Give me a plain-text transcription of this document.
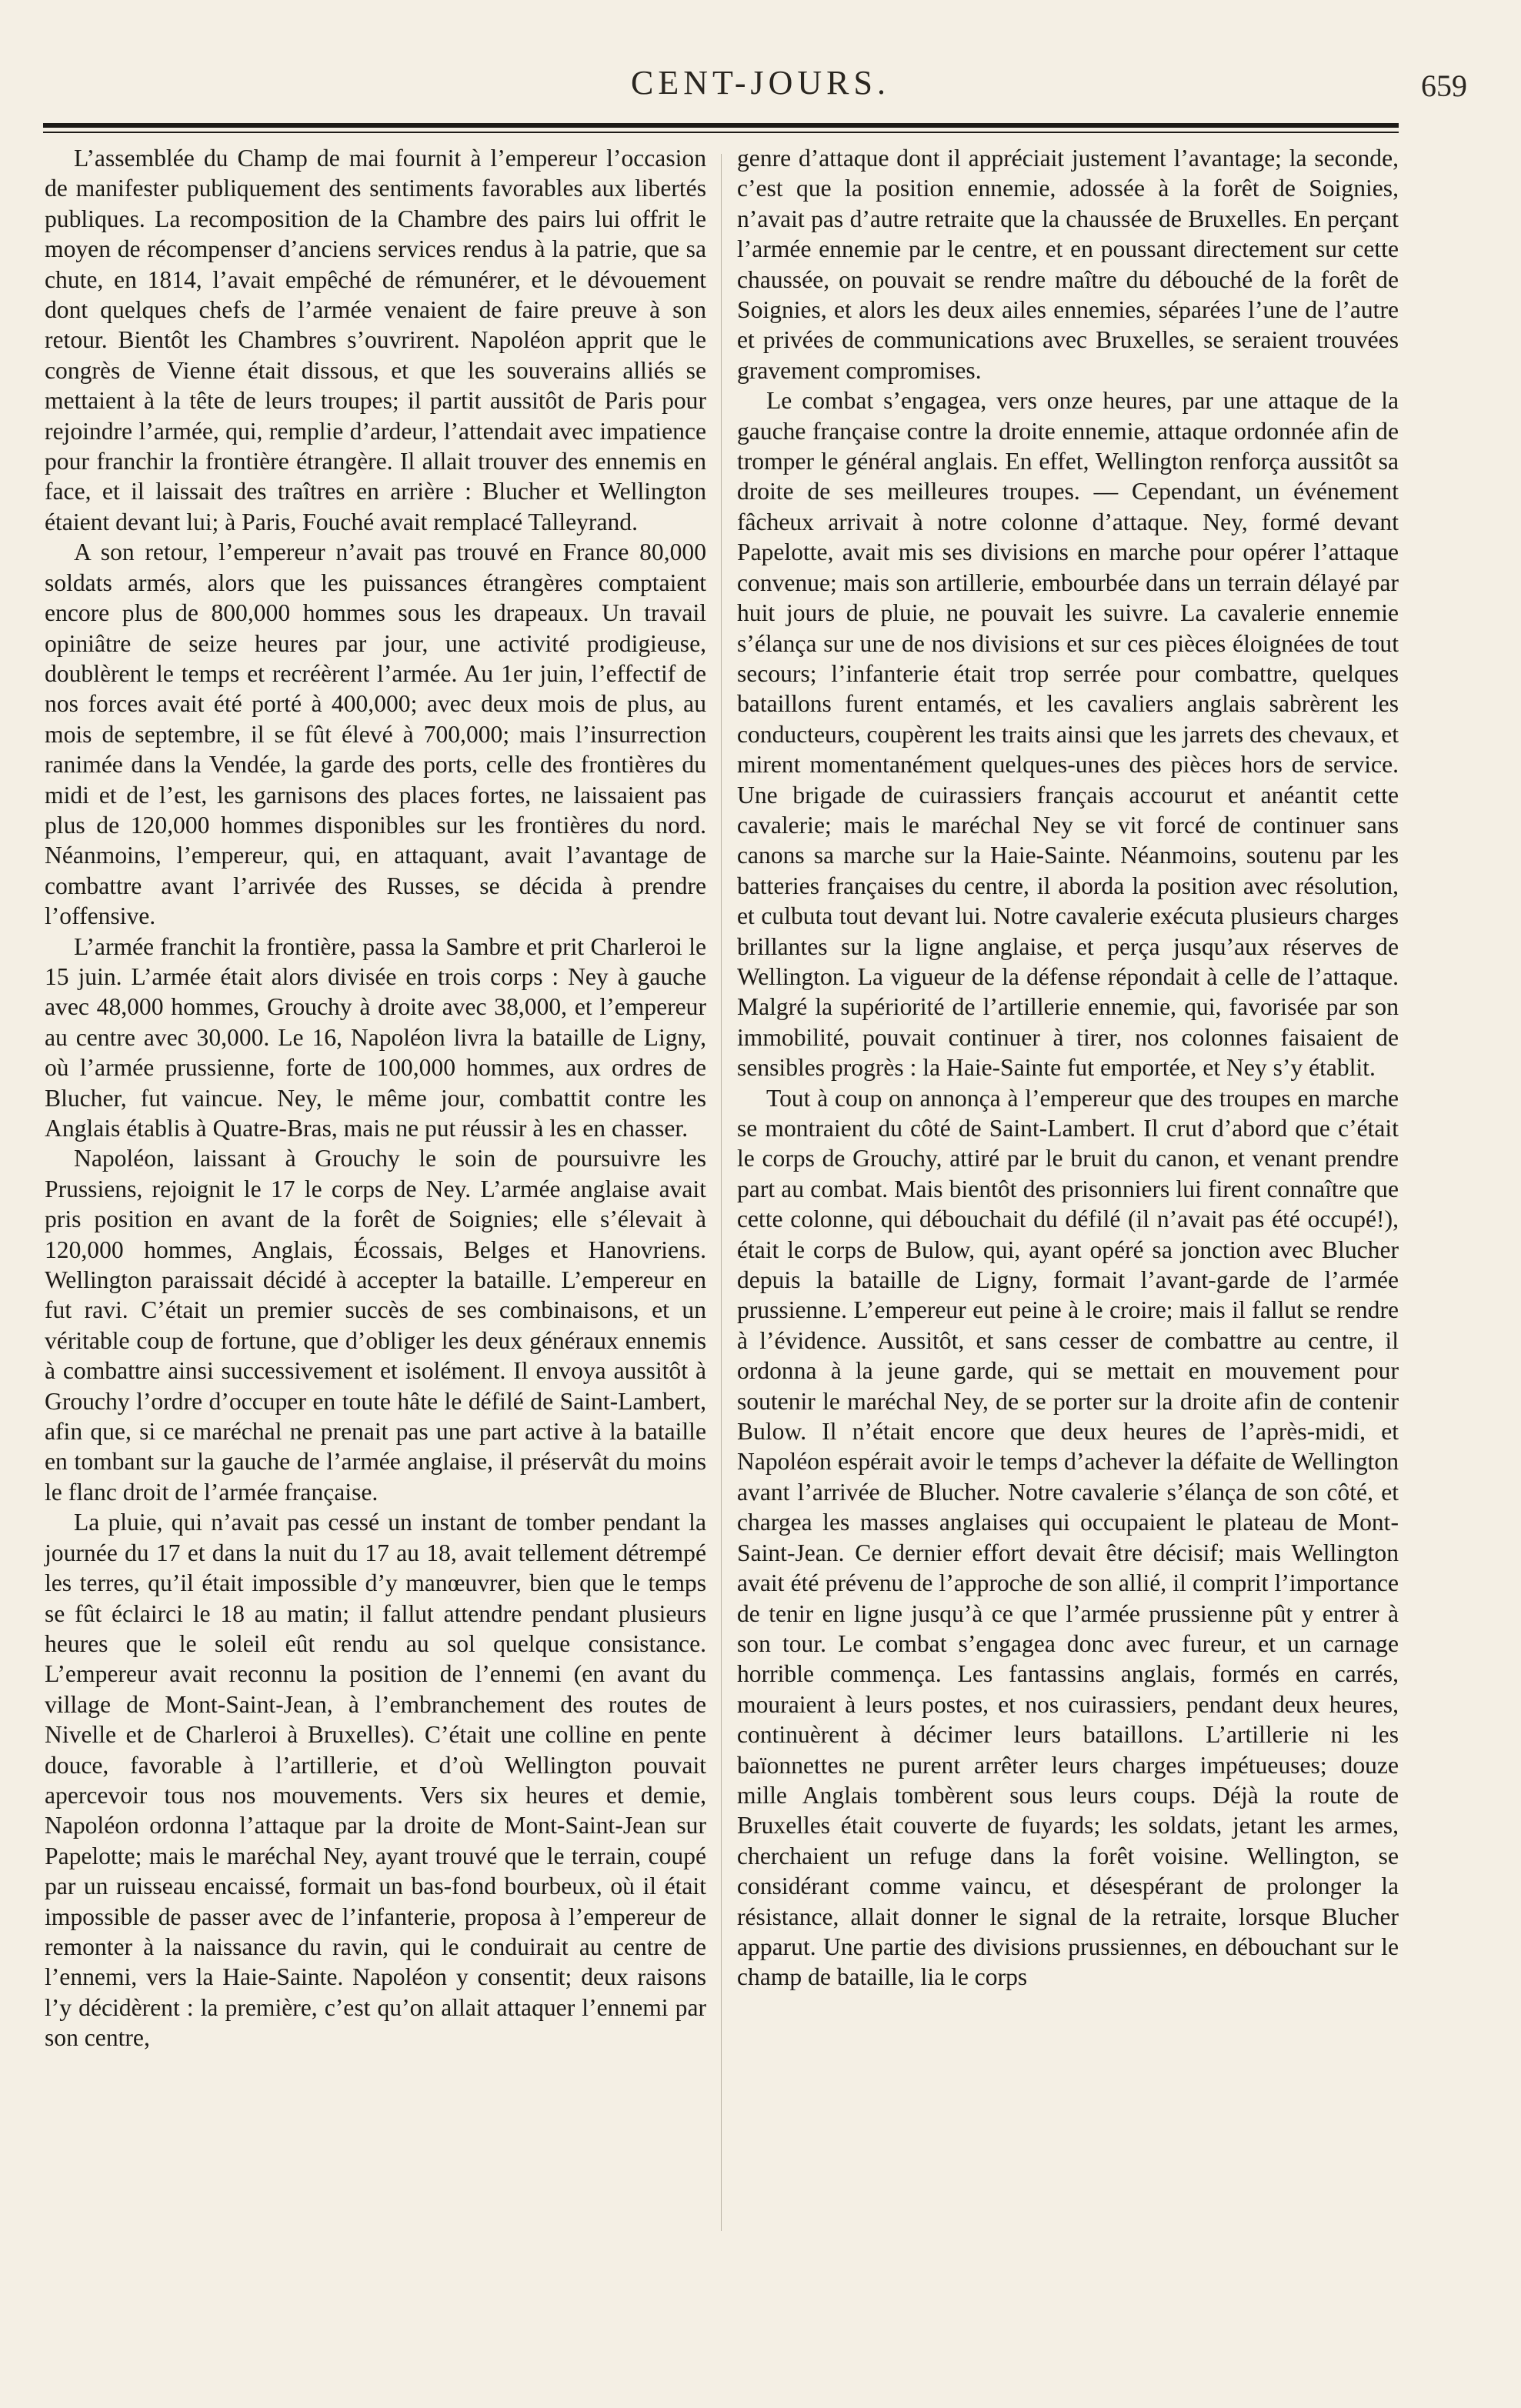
CENT-JOURS.	659

L’assemblée du Champ de mai fournit à l’empereur l’occasion de manifester publiquement des sentiments favorables aux libertés publiques. La recomposition de la Chambre des pairs lui offrit le moyen de récompenser d’anciens services rendus à la patrie, que sa chute, en 1814, l’avait empêché de rémunérer, et le dévouement dont quelques chefs de l’armée venaient de faire preuve à son retour. Bientôt les Chambres s’ouvrirent. Napoléon apprit que le congrès de Vienne était dissous, et que les souverains alliés se mettaient à la tête de leurs troupes; il partit aussitôt de Paris pour rejoindre l’armée, qui, remplie d’ardeur, l’attendait avec impatience pour franchir la frontière étrangère. Il allait trouver des ennemis en face, et il laissait des traîtres en arrière : Blucher et Wellington étaient devant lui; à Paris, Fouché avait remplacé Talleyrand.

A son retour, l’empereur n’avait pas trouvé en France 80,000 soldats armés, alors que les puissances étrangères comptaient encore plus de 800,000 hommes sous les drapeaux. Un travail opiniâtre de seize heures par jour, une activité prodigieuse, doublèrent le temps et recréèrent l’armée. Au 1er juin, l’effectif de nos forces avait été porté à 400,000; avec deux mois de plus, au mois de septembre, il se fût élevé à 700,000; mais l’insurrection ranimée dans la Vendée, la garde des ports, celle des frontières du midi et de l’est, les garnisons des places fortes, ne laissaient pas plus de 120,000 hommes disponibles sur les frontières du nord. Néanmoins, l’empereur, qui, en attaquant, avait l’avantage de combattre avant l’arrivée des Russes, se décida à prendre l’offensive.

L’armée franchit la frontière, passa la Sambre et prit Charleroi le 15 juin. L’armée était alors divisée en trois corps : Ney à gauche avec 48,000 hommes, Grouchy à droite avec 38,000, et l’empereur au centre avec 30,000. Le 16, Napoléon livra la bataille de Ligny, où l’armée prussienne, forte de 100,000 hommes, aux ordres de Blucher, fut vaincue. Ney, le même jour, combattit contre les Anglais établis à Quatre-Bras, mais ne put réussir à les en chasser.

Napoléon, laissant à Grouchy le soin de poursuivre les Prussiens, rejoignit le 17 le corps de Ney. L’armée anglaise avait pris position en avant de la forêt de Soignies; elle s’élevait à 120,000 hommes, Anglais, Écossais, Belges et Hanovriens. Wellington paraissait décidé à accepter la bataille. L’empereur en fut ravi. C’était un premier succès de ses combinaisons, et un véritable coup de fortune, que d’obliger les deux généraux ennemis à combattre ainsi successivement et isolément. Il envoya aussitôt à Grouchy l’ordre d’occuper en toute hâte le défilé de Saint-Lambert, afin que, si ce maréchal ne prenait pas une part active à la bataille en tombant sur la gauche de l’armée anglaise, il préservât du moins le flanc droit de l’armée française.

La pluie, qui n’avait pas cessé un instant de tomber pendant la journée du 17 et dans la nuit du 17 au 18, avait tellement détrempé les terres, qu’il était impossible d’y manœuvrer, bien que le temps se fût éclairci le 18 au matin; il fallut attendre pendant plusieurs heures que le soleil eût rendu au sol quelque consistance. L’empereur avait reconnu la position de l’ennemi (en avant du village de Mont-Saint-Jean, à l’embranchement des routes de Nivelle et de Charleroi à Bruxelles). C’était une colline en pente douce, favorable à l’artillerie, et d’où Wellington pouvait apercevoir tous nos mouvements. Vers six heures et demie, Napoléon ordonna l’attaque par la droite de Mont-Saint-Jean sur Papelotte; mais le maréchal Ney, ayant trouvé que le terrain, coupé par un ruisseau encaissé, formait un bas-fond bourbeux, où il était impossible de passer avec de l’infanterie, proposa à l’empereur de remonter à la naissance du ravin, qui le conduirait au centre de l’ennemi, vers la Haie-Sainte. Napoléon y consentit; deux raisons l’y décidèrent : la première, c’est qu’on allait attaquer l’ennemi par son centre,

genre d’attaque dont il appréciait justement l’avantage; la seconde, c’est que la position ennemie, adossée à la forêt de Soignies, n’avait pas d’autre retraite que la chaussée de Bruxelles. En perçant l’armée ennemie par le centre, et en poussant directement sur cette chaussée, on pouvait se rendre maître du débouché de la forêt de Soignies, et alors les deux ailes ennemies, séparées l’une de l’autre et privées de communications avec Bruxelles, se seraient trouvées gravement compromises.

Le combat s’engagea, vers onze heures, par une attaque de la gauche française contre la droite ennemie, attaque ordonnée afin de tromper le général anglais. En effet, Wellington renforça aussitôt sa droite de ses meilleures troupes. — Cependant, un événement fâcheux arrivait à notre colonne d’attaque. Ney, formé devant Papelotte, avait mis ses divisions en marche pour opérer l’attaque convenue; mais son artillerie, embourbée dans un terrain délayé par huit jours de pluie, ne pouvait les suivre. La cavalerie ennemie s’élança sur une de nos divisions et sur ces pièces éloignées de tout secours; l’infanterie était trop serrée pour combattre, quelques bataillons furent entamés, et les cavaliers anglais sabrèrent les conducteurs, coupèrent les traits ainsi que les jarrets des chevaux, et mirent momentanément quelques-unes des pièces hors de service. Une brigade de cuirassiers français accourut et anéantit cette cavalerie; mais le maréchal Ney se vit forcé de continuer sans canons sa marche sur la Haie-Sainte. Néanmoins, soutenu par les batteries françaises du centre, il aborda la position avec résolution, et culbuta tout devant lui. Notre cavalerie exécuta plusieurs charges brillantes sur la ligne anglaise, et perça jusqu’aux réserves de Wellington. La vigueur de la défense répondait à celle de l’attaque. Malgré la supériorité de l’artillerie ennemie, qui, favorisée par son immobilité, pouvait continuer à tirer, nos colonnes faisaient de sensibles progrès : la Haie-Sainte fut emportée, et Ney s’y établit.

Tout à coup on annonça à l’empereur que des troupes en marche se montraient du côté de Saint-Lambert. Il crut d’abord que c’était le corps de Grouchy, attiré par le bruit du canon, et venant prendre part au combat. Mais bientôt des prisonniers lui firent connaître que cette colonne, qui débouchait du défilé (il n’avait pas été occupé!), était le corps de Bulow, qui, ayant opéré sa jonction avec Blucher depuis la bataille de Ligny, formait l’avant-garde de l’armée prussienne. L’empereur eut peine à le croire; mais il fallut se rendre à l’évidence. Aussitôt, et sans cesser de combattre au centre, il ordonna à la jeune garde, qui se mettait en mouvement pour soutenir le maréchal Ney, de se porter sur la droite afin de contenir Bulow. Il n’était encore que deux heures de l’après-midi, et Napoléon espérait avoir le temps d’achever la défaite de Wellington avant l’arrivée de Blucher. Notre cavalerie s’élança de son côté, et chargea les masses anglaises qui occupaient le plateau de Mont-Saint-Jean. Ce dernier effort devait être décisif; mais Wellington avait été prévenu de l’approche de son allié, il comprit l’importance de tenir en ligne jusqu’à ce que l’armée prussienne pût y entrer à son tour. Le combat s’engagea donc avec fureur, et un carnage horrible commença. Les fantassins anglais, formés en carrés, mouraient à leurs postes, et nos cuirassiers, pendant deux heures, continuèrent à décimer leurs bataillons. L’artillerie ni les baïonnettes ne purent arrêter leurs charges impétueuses; douze mille Anglais tombèrent sous leurs coups. Déjà la route de Bruxelles était couverte de fuyards; les soldats, jetant les armes, cherchaient un refuge dans la forêt voisine. Wellington, se considérant comme vaincu, et désespérant de prolonger la résistance, allait donner le signal de la retraite, lorsque Blucher apparut. Une partie des divisions prussiennes, en débouchant sur le champ de bataille, lia le corps
